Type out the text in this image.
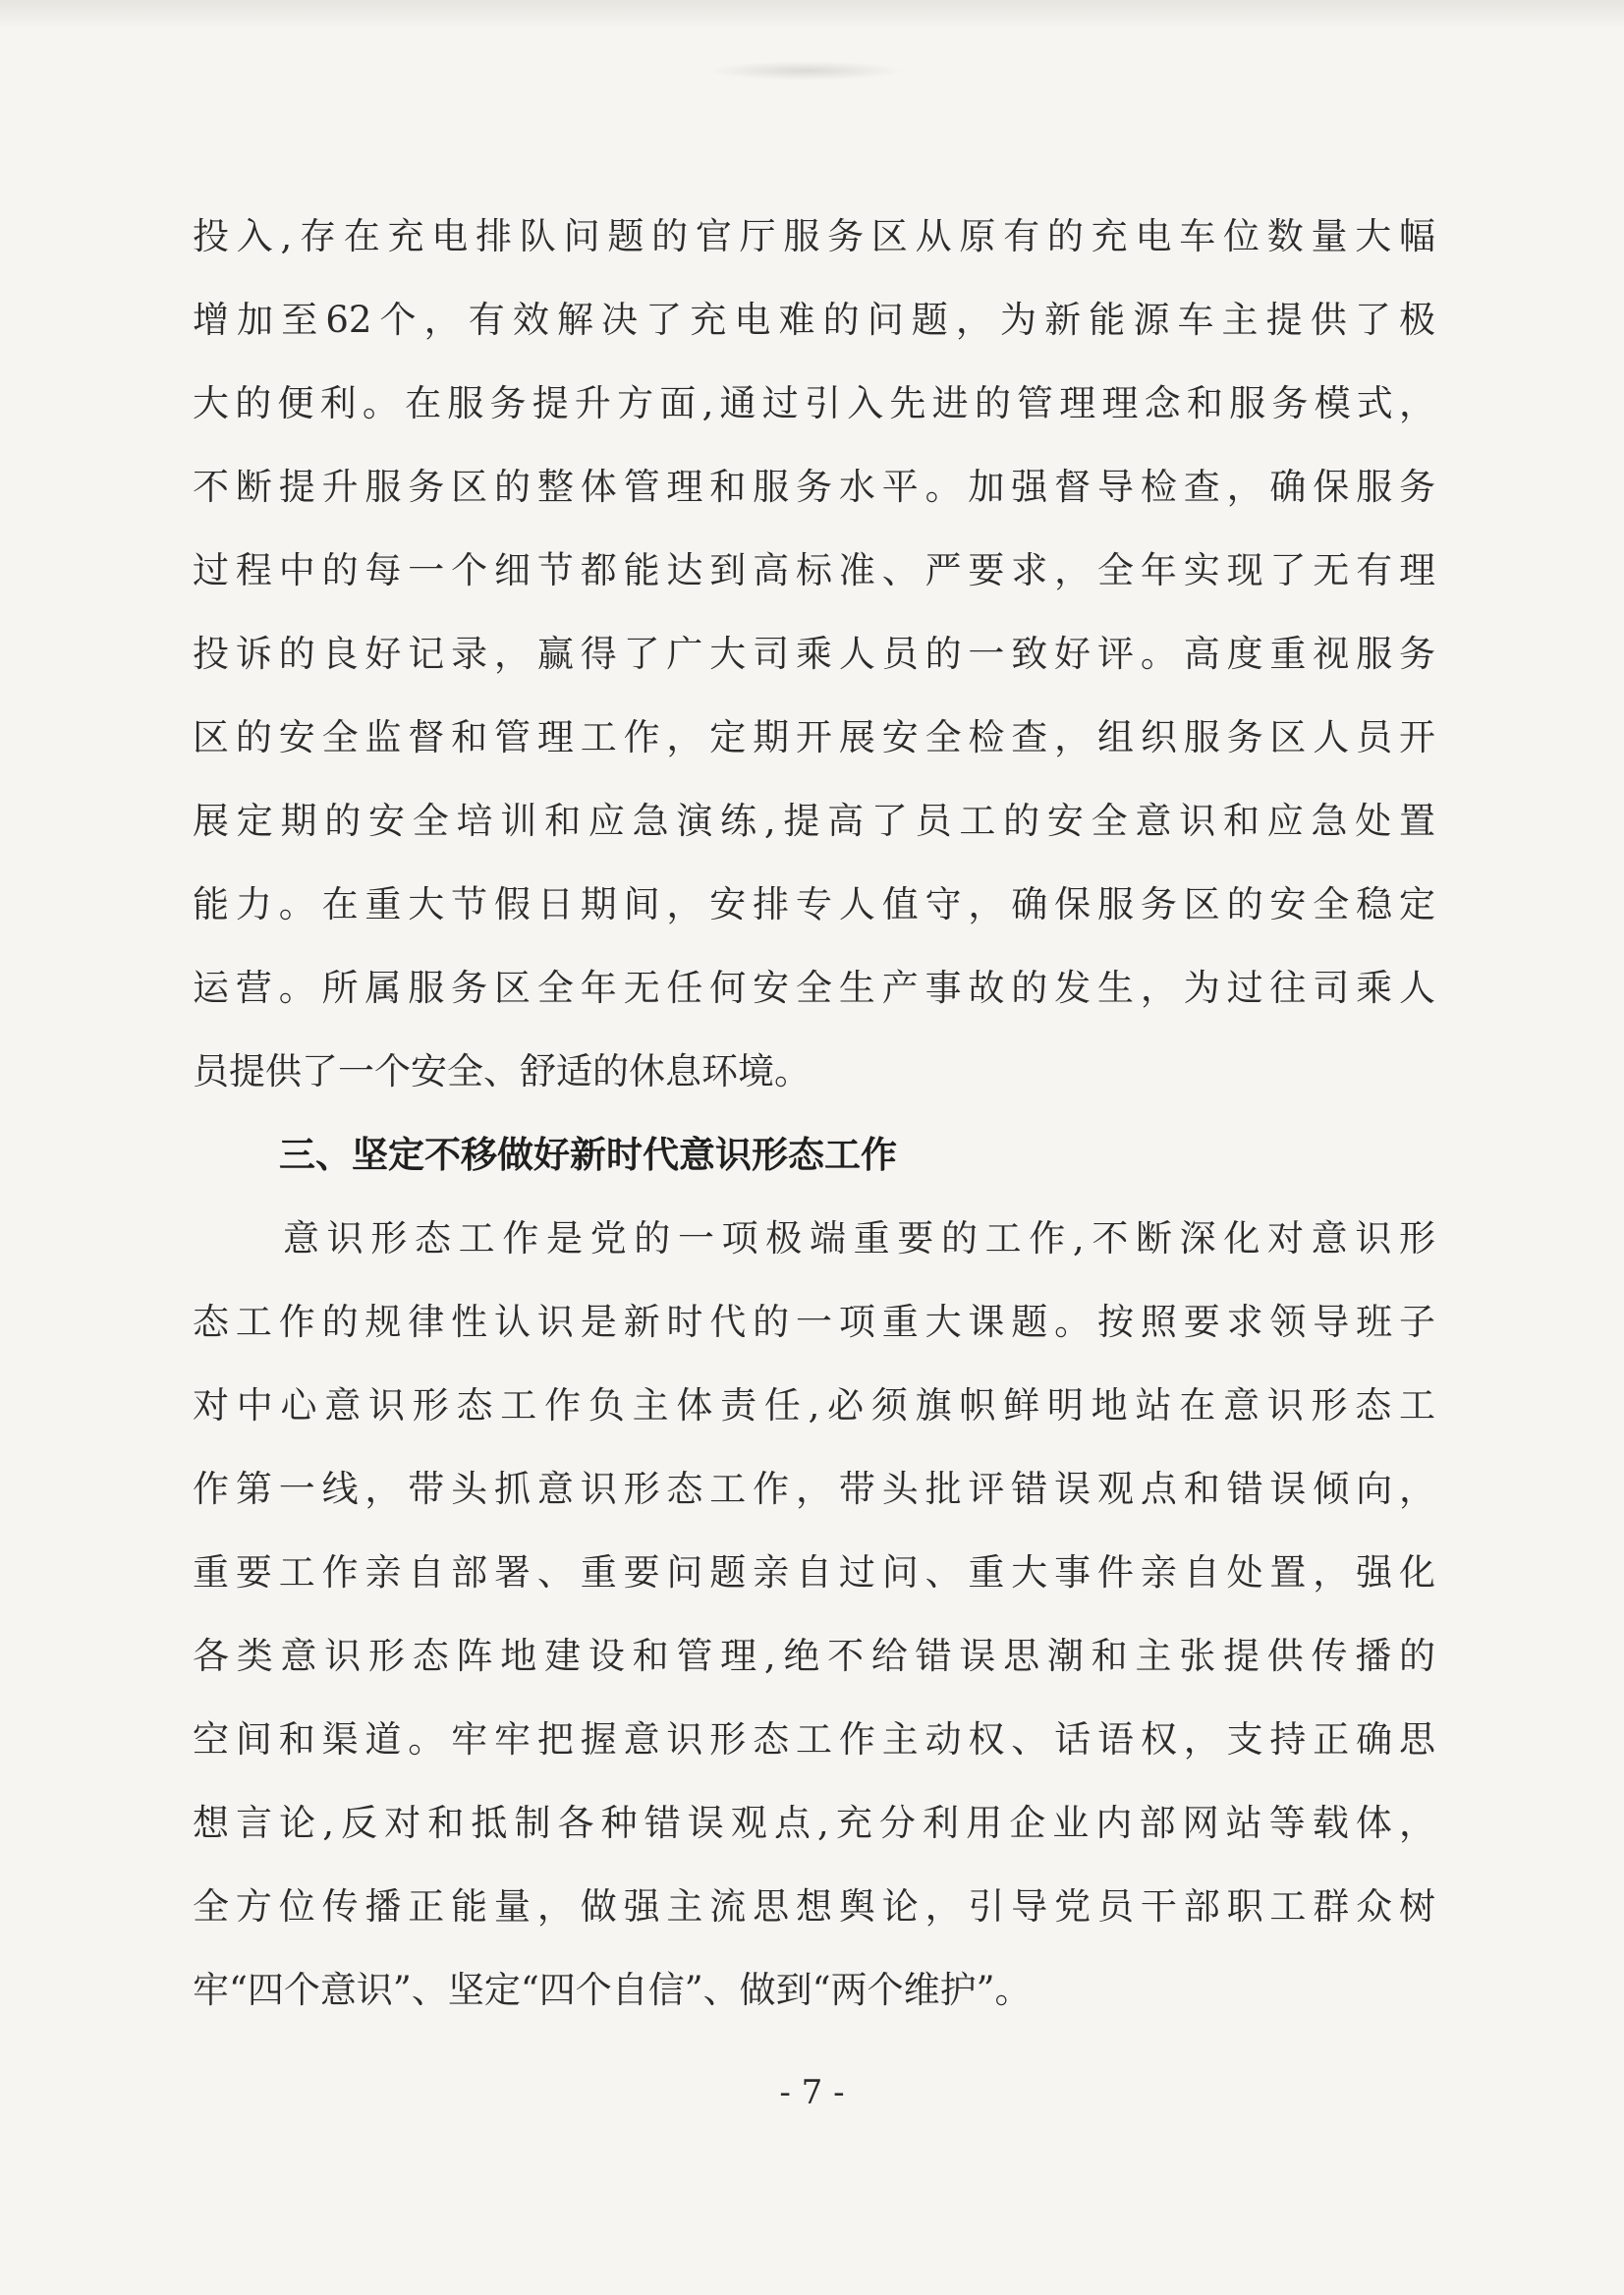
投入,存在充电排队问题的官厅服务区从原有的充电车位数量大幅
增加至62个，有效解决了充电难的问题，为新能源车主提供了极
大的便利。在服务提升方面,通过引入先进的管理理念和服务模式，
不断提升服务区的整体管理和服务水平。加强督导检查，确保服务
过程中的每一个细节都能达到高标准、严要求，全年实现了无有理
投诉的良好记录，赢得了广大司乘人员的一致好评。高度重视服务
区的安全监督和管理工作，定期开展安全检查，组织服务区人员开
展定期的安全培训和应急演练,提高了员工的安全意识和应急处置
能力。在重大节假日期间，安排专人值守，确保服务区的安全稳定
运营。所属服务区全年无任何安全生产事故的发生，为过往司乘人
员提供了一个安全、舒适的休息环境。
三、坚定不移做好新时代意识形态工作
意识形态工作是党的一项极端重要的工作,不断深化对意识形
态工作的规律性认识是新时代的一项重大课题。按照要求领导班子
对中心意识形态工作负主体责任,必须旗帜鲜明地站在意识形态工
作第一线，带头抓意识形态工作，带头批评错误观点和错误倾向，
重要工作亲自部署、重要问题亲自过问、重大事件亲自处置，强化
各类意识形态阵地建设和管理,绝不给错误思潮和主张提供传播的
空间和渠道。牢牢把握意识形态工作主动权、话语权，支持正确思
想言论,反对和抵制各种错误观点,充分利用企业内部网站等载体，
全方位传播正能量，做强主流思想舆论，引导党员干部职工群众树
牢“四个意识”、坚定“四个自信”、做到“两个维护”。
- 7 -
